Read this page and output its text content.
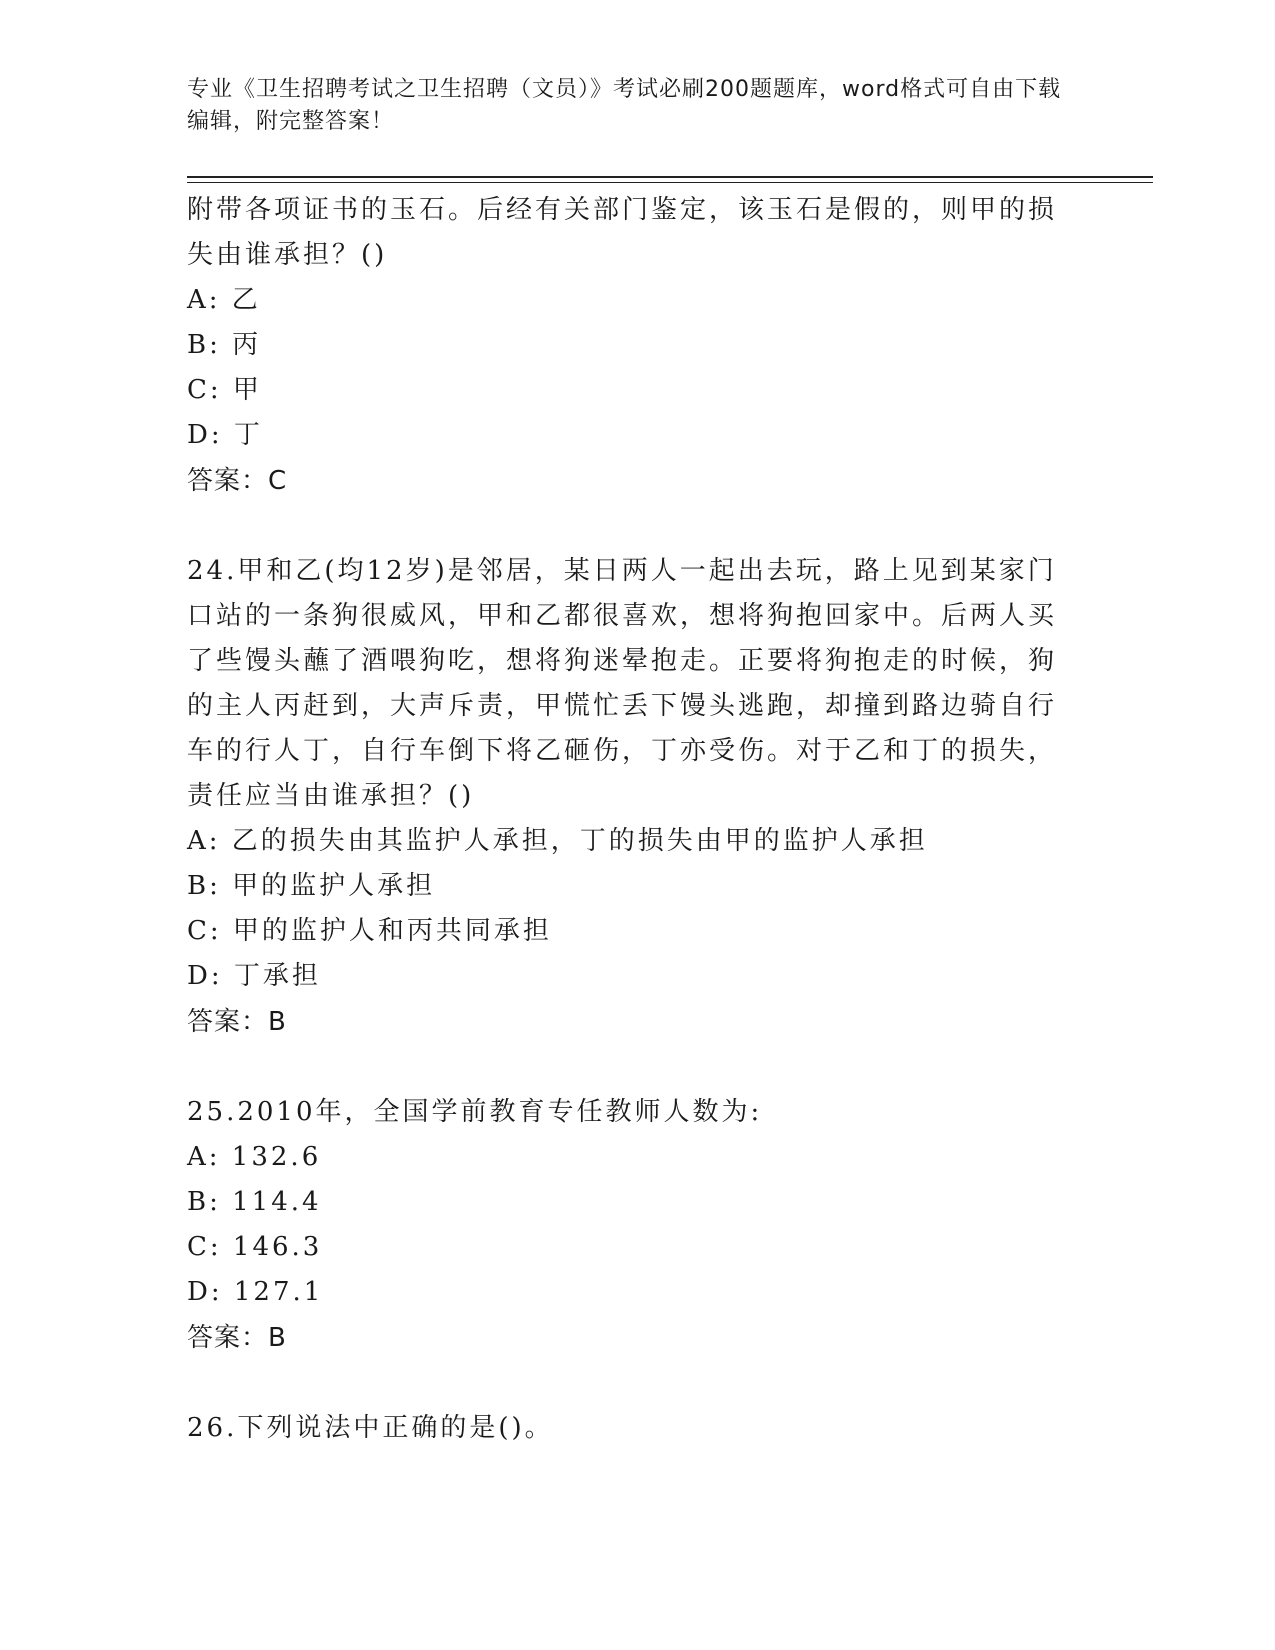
专业《卫生招聘考试之卫生招聘（文员）》考试必刷200题题库，word格式可自由下载编辑，附完整答案！

附带各项证书的玉石。后经有关部门鉴定，该玉石是假的，则甲的损失由谁承担？()

A: 乙

B: 丙

C: 甲

D: 丁

答案：C

24.甲和乙(均12岁)是邻居，某日两人一起出去玩，路上见到某家门口站的一条狗很威风，甲和乙都很喜欢，想将狗抱回家中。后两人买了些馒头蘸了酒喂狗吃，想将狗迷晕抱走。正要将狗抱走的时候，狗的主人丙赶到，大声斥责，甲慌忙丢下馒头逃跑，却撞到路边骑自行车的行人丁，自行车倒下将乙砸伤，丁亦受伤。对于乙和丁的损失，责任应当由谁承担？()

A: 乙的损失由其监护人承担，丁的损失由甲的监护人承担

B: 甲的监护人承担

C: 甲的监护人和丙共同承担

D: 丁承担

答案：B

25.2010年，全国学前教育专任教师人数为:

A: 132.6

B: 114.4

C: 146.3

D: 127.1

答案：B

26.下列说法中正确的是()。
